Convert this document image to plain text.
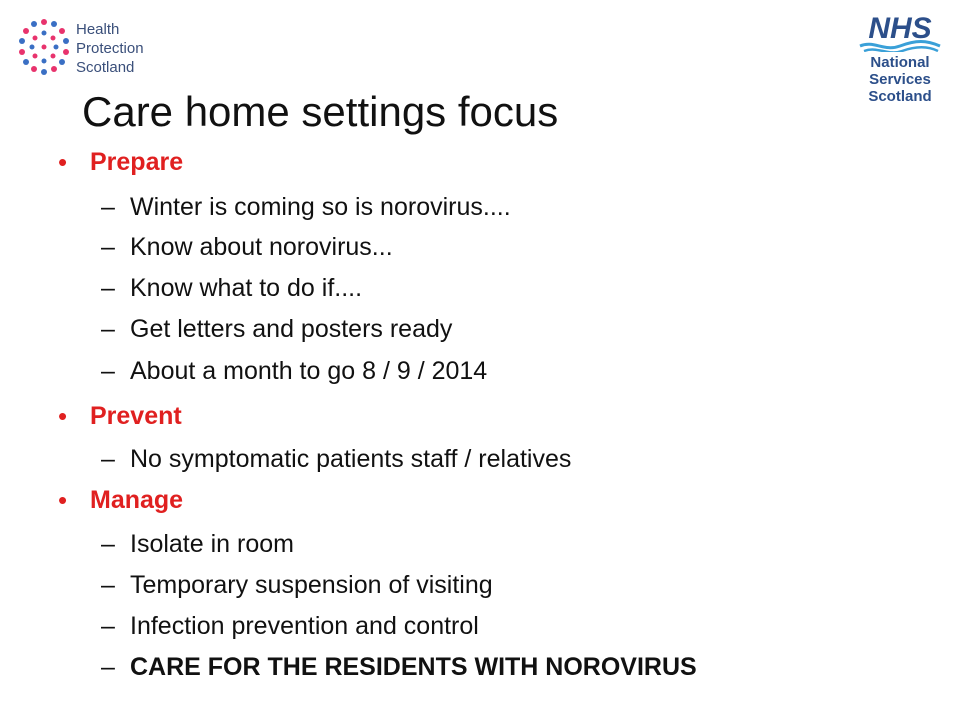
Health
Protection
Scotland
NHS
National
Services
Scotland
Care home settings focus
• Prepare
– Winter is coming so is norovirus....
– Know about norovirus...
– Know what to do if....
– Get letters and posters ready
– About a month to go 8 / 9 / 2014
• Prevent
– No symptomatic patients staff / relatives
• Manage
– Isolate in room
– Temporary suspension of visiting
– Infection prevention and control
– CARE FOR THE RESIDENTS WITH NOROVIRUS
